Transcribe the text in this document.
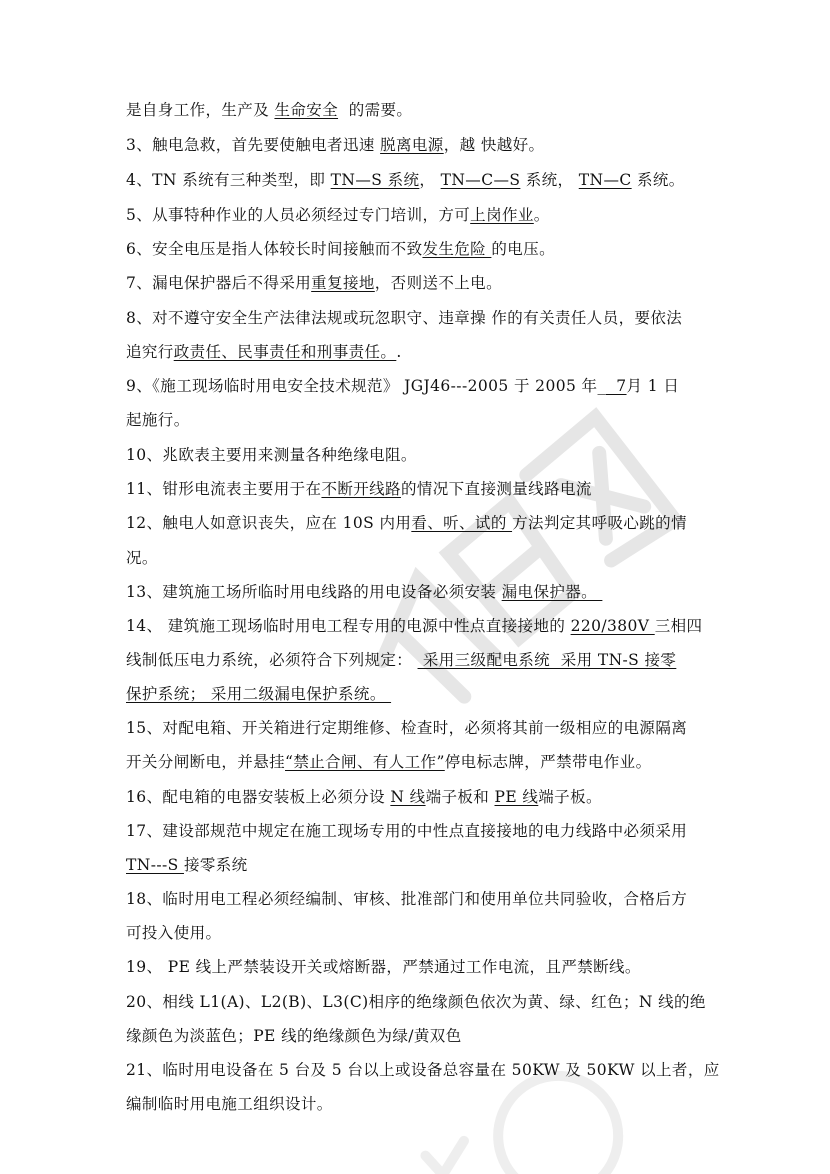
华知网
是自身工作，生产及 生命安全  的需要。
3、触电急救，首先要使触电者迅速 脱离电源，越 快越好。
4、TN 系统有三种类型，即 TN—S 系统， TN—C—S 系统， TN—C 系统。
5、从事特种作业的人员必须经过专门培训，方可上岗作业。
6、安全电压是指人体较长时间接触而不致发生危险 的电压。
7、漏电保护器后不得采用重复接地，否则送不上电。
8、对不遵守安全生产法律法规或玩忽职守、违章操 作的有关责任人员，要依法
追究行政责任、民事责任和刑事责任。.
9、《施工现场临时用电安全技术规范》 JGJ46---2005 于 2005 年_  7月 1 日
起施行。
10、兆欧表主要用来测量各种绝缘电阻。
11、钳形电流表主要用于在不断开线路的情况下直接测量线路电流
12、触电人如意识丧失，应在 10S 内用看、听、试的 方法判定其呼吸心跳的情
况。
13、建筑施工场所临时用电线路的用电设备必须安装 漏电保护器。
14、 建筑施工现场临时用电工程专用的电源中性点直接接地的 220/380V 三相四
线制低压电力系统，必须符合下列规定：  采用三级配电系统  采用 TN-S 接零
保护系统； 采用二级漏电保护系统。
15、对配电箱、开关箱进行定期维修、检查时，必须将其前一级相应的电源隔离
开关分闸断电，并悬挂“禁止合闸、有人工作”停电标志牌，严禁带电作业。
16、配电箱的电器安装板上必须分设 N 线端子板和 PE 线端子板。
17、建设部规范中规定在施工现场专用的中性点直接接地的电力线路中必须采用
TN---S 接零系统
18、临时用电工程必须经编制、审核、批准部门和使用单位共同验收，合格后方
可投入使用。
19、 PE 线上严禁装设开关或熔断器，严禁通过工作电流，且严禁断线。
20、相线 L1(A)、L2(B)、L3(C)相序的绝缘颜色依次为黄、绿、红色；N 线的绝
缘颜色为淡蓝色；PE 线的绝缘颜色为绿/黄双色
21、临时用电设备在 5 台及 5 台以上或设备总容量在 50KW 及 50KW 以上者，应
编制临时用电施工组织设计。
